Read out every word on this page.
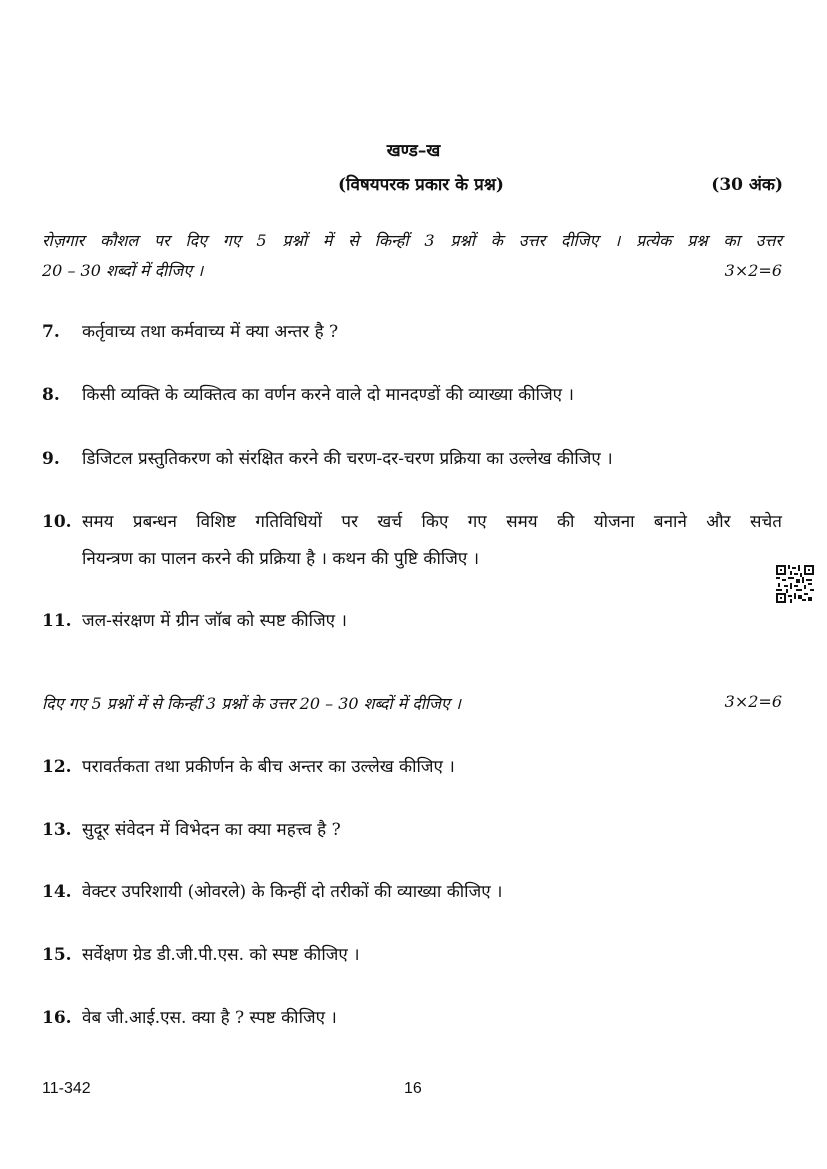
खण्ड–ख
(विषयपरक प्रकार के प्रश्न)	(30 अंक)
रोज़गार कौशल पर दिए गए 5 प्रश्नों में से किन्हीं 3 प्रश्नों के उत्तर दीजिए । प्रत्येक प्रश्न का उत्तर
20 – 30 शब्दों में दीजिए ।	3×2=6
7.	कर्तृवाच्य तथा कर्मवाच्य में क्या अन्तर है ?
8.	किसी व्यक्ति के व्यक्तित्व का वर्णन करने वाले दो मानदण्डों की व्याख्या कीजिए ।
9.	डिजिटल प्रस्तुतिकरण को संरक्षित करने की चरण-दर-चरण प्रक्रिया का उल्लेख कीजिए ।
10. समय प्रबन्धन विशिष्ट गतिविधियों पर खर्च किए गए समय की योजना बनाने और सचेत
नियन्त्रण का पालन करने की प्रक्रिया है । कथन की पुष्टि कीजिए ।
11. जल-संरक्षण में ग्रीन जॉब को स्पष्ट कीजिए ।
दिए गए 5 प्रश्नों में से किन्हीं 3 प्रश्नों के उत्तर 20 – 30 शब्दों में दीजिए ।	3×2=6
12. परावर्तकता तथा प्रकीर्णन के बीच अन्तर का उल्लेख कीजिए ।
13. सुदूर संवेदन में विभेदन का क्या महत्त्व है ?
14. वेक्टर उपरिशायी (ओवरले) के किन्हीं दो तरीकों की व्याख्या कीजिए ।
15. सर्वेक्षण ग्रेड डी.जी.पी.एस. को स्पष्ट कीजिए ।
16. वेब जी.आई.एस. क्या है ? स्पष्ट कीजिए ।
11-342	16
